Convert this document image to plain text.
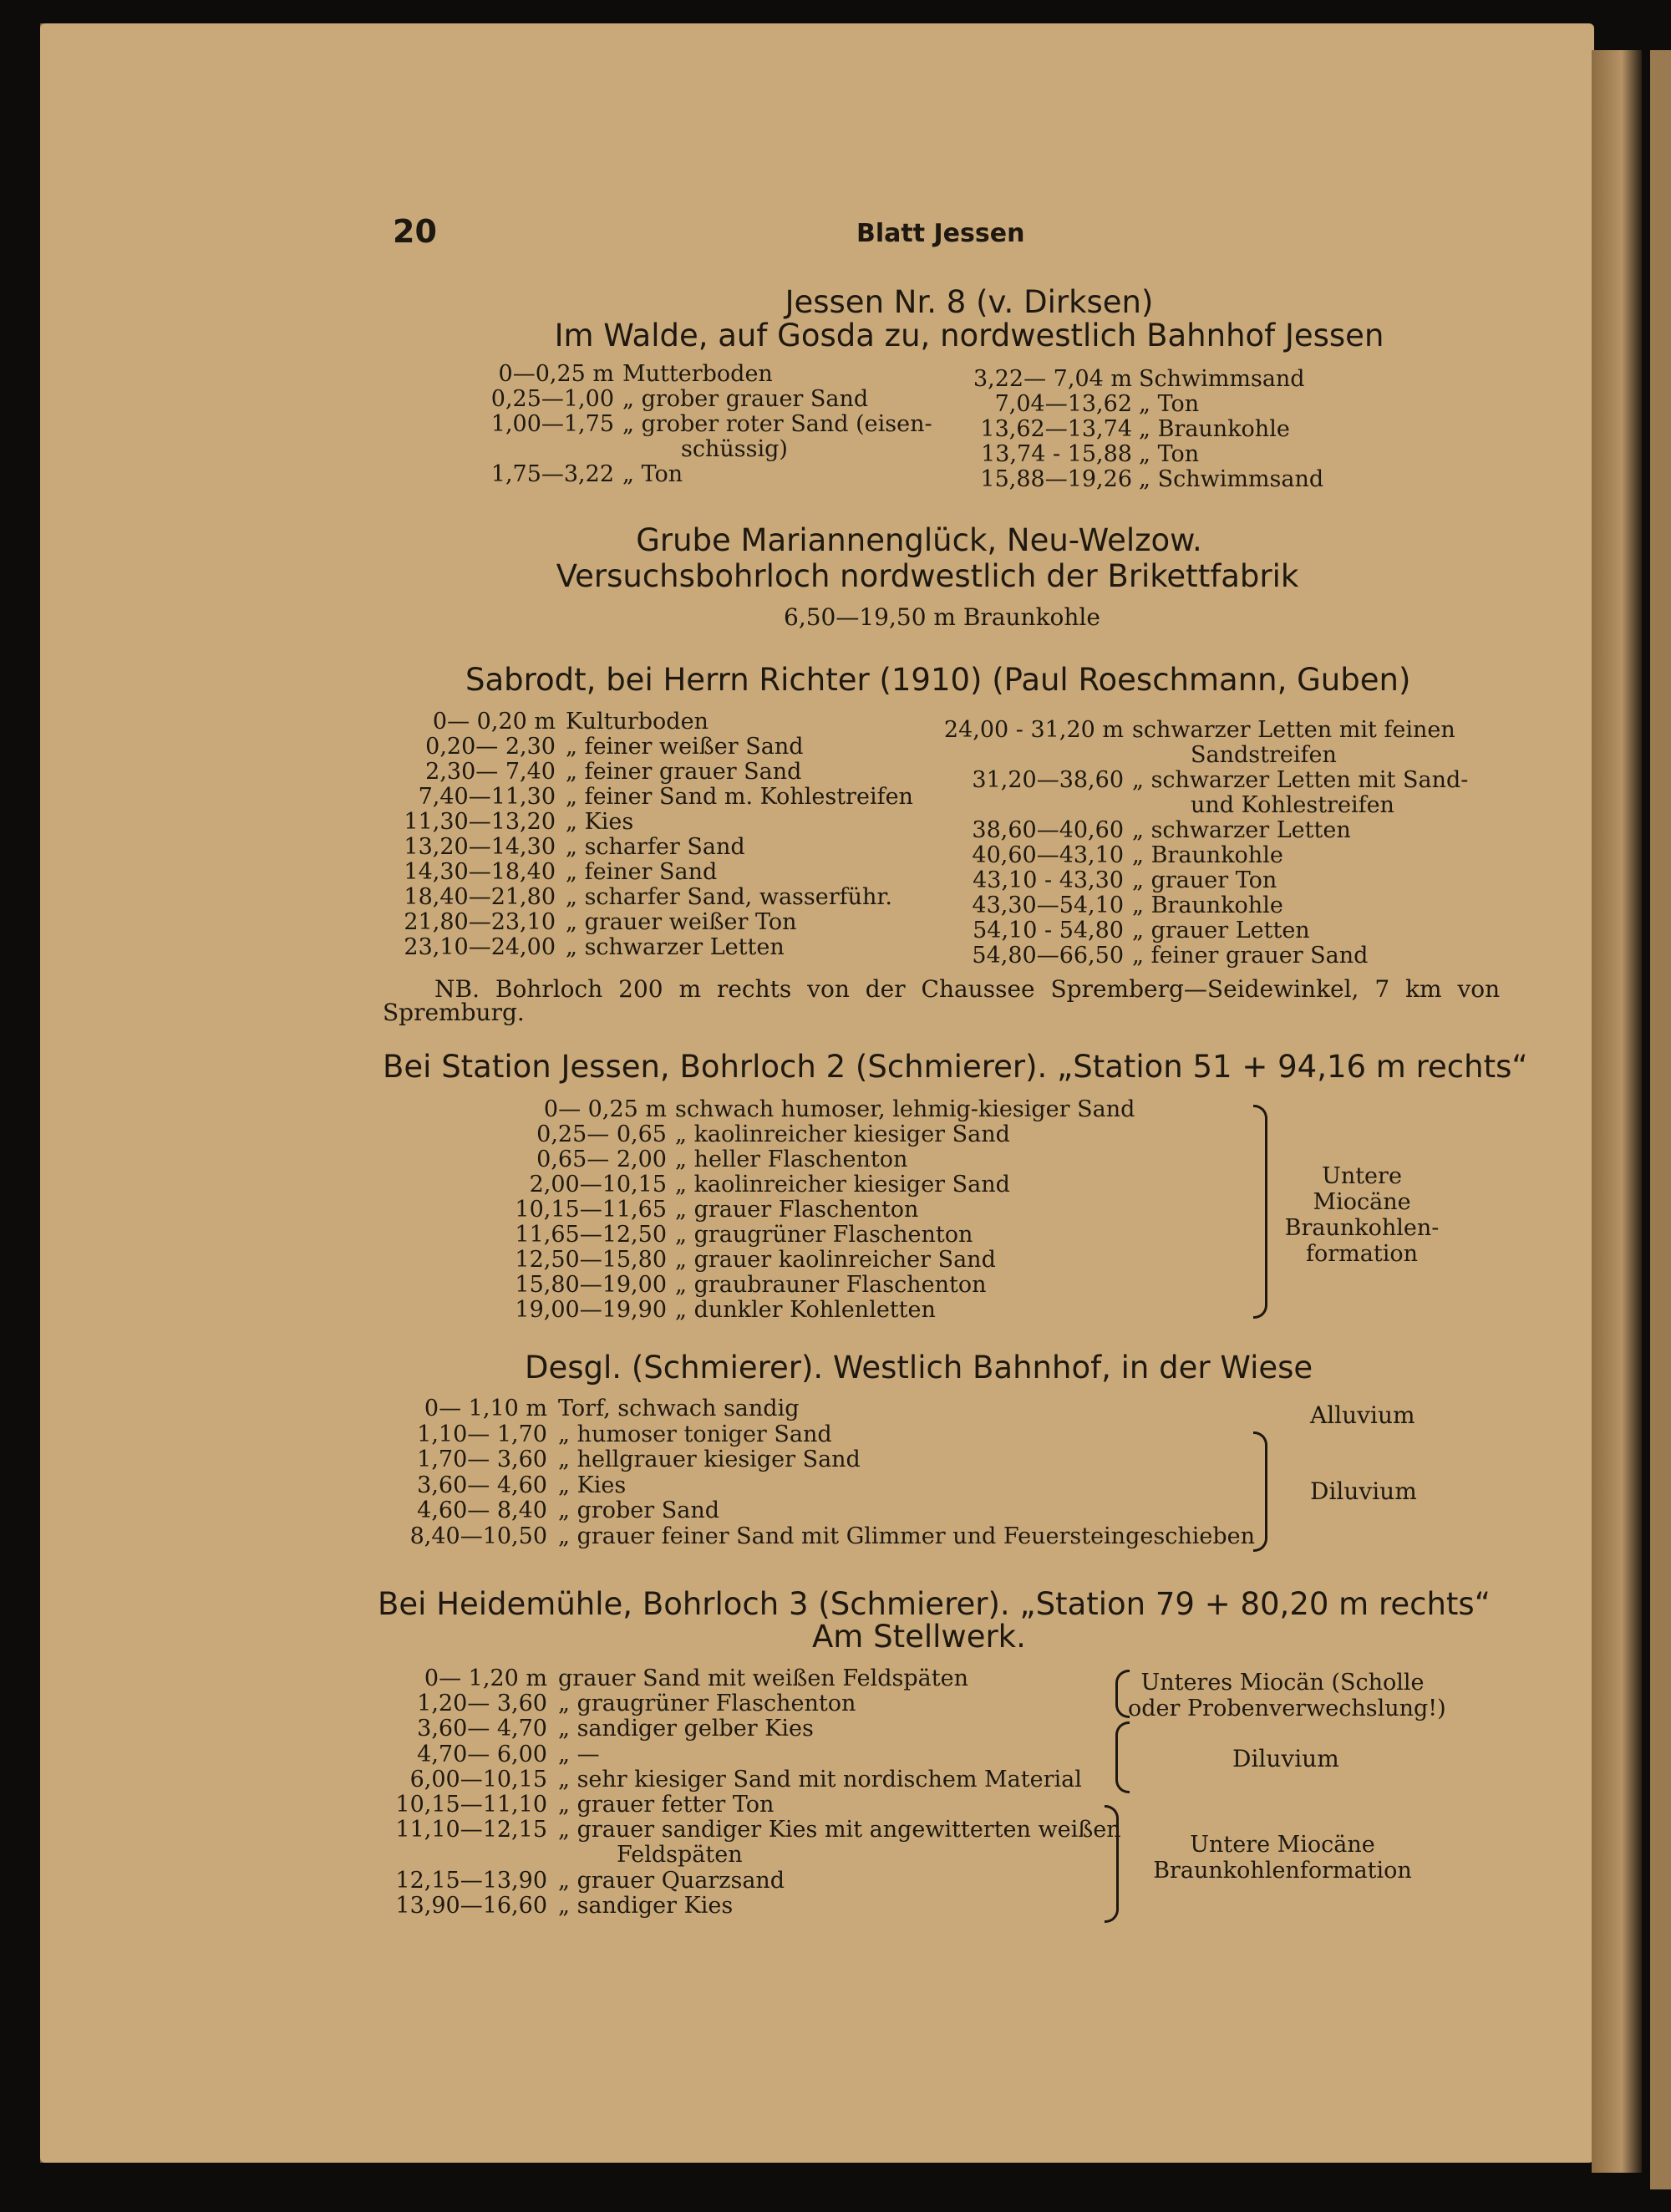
20	Blatt Jessen
Jessen Nr. 8 (v. Dirksen)
Im Walde, auf Gosda zu, nordwestlich Bahnhof Jessen
0—0,25 m Mutterboden
0,25—1,00 „ grober grauer Sand
1,00—1,75 „ grober roter Sand (eisen-
schüssig)
1,75—3,22 „ Ton
3,22— 7,04 m Schwimmsand
7,04—13,62 „ Ton
13,62—13,74 „ Braunkohle
13,74 - 15,88 „ Ton
15,88—19,26 „ Schwimmsand
Grube Mariannenglück, Neu-Welzow.
Versuchsbohrloch nordwestlich der Brikettfabrik
6,50—19,50 m Braunkohle
Sabrodt, bei Herrn Richter (1910) (Paul Roeschmann, Guben)
0— 0,20 m Kulturboden
0,20— 2,30 „ feiner weißer Sand
2,30— 7,40 „ feiner grauer Sand
7,40—11,30 „ feiner Sand m. Kohlestreifen
11,30—13,20 „ Kies
13,20—14,30 „ scharfer Sand
14,30—18,40 „ feiner Sand
18,40—21,80 „ scharfer Sand, wasserführ.
21,80—23,10 „ grauer weißer Ton
23,10—24,00 „ schwarzer Letten
24,00 - 31,20 m schwarzer Letten mit feinen
Sandstreifen
31,20—38,60 „ schwarzer Letten mit Sand-
und Kohlestreifen
38,60—40,60 „ schwarzer Letten
40,60—43,10 „ Braunkohle
43,10 - 43,30 „ grauer Ton
43,30—54,10 „ Braunkohle
54,10 - 54,80 „ grauer Letten
54,80—66,50 „ feiner grauer Sand
NB. Bohrloch 200 m rechts von der Chaussee Spremberg—Seidewinkel, 7 km von
Spremburg.
Bei Station Jessen, Bohrloch 2 (Schmierer). „Station 51 + 94,16 m rechts“
0— 0,25 m schwach humoser, lehmig-kiesiger Sand
0,25— 0,65 „ kaolinreicher kiesiger Sand
0,65— 2,00 „ heller Flaschenton
2,00—10,15 „ kaolinreicher kiesiger Sand
10,15—11,65 „ grauer Flaschenton
11,65—12,50 „ graugrüner Flaschenton
12,50—15,80 „ grauer kaolinreicher Sand
15,80—19,00 „ graubrauner Flaschenton
19,00—19,90 „ dunkler Kohlenletten
Untere
Miocäne
Braunkohlen-
formation
Desgl. (Schmierer). Westlich Bahnhof, in der Wiese
0— 1,10 m Torf, schwach sandig
1,10— 1,70 „ humoser toniger Sand
1,70— 3,60 „ hellgrauer kiesiger Sand
3,60— 4,60 „ Kies
4,60— 8,40 „ grober Sand
8,40—10,50 „ grauer feiner Sand mit Glimmer und Feuersteingeschieben
Alluvium
Diluvium
Bei Heidemühle, Bohrloch 3 (Schmierer). „Station 79 + 80,20 m rechts“
Am Stellwerk.
0— 1,20 m grauer Sand mit weißen Feldspäten
1,20— 3,60 „ graugrüner Flaschenton
3,60— 4,70 „ sandiger gelber Kies
4,70— 6,00 „ —
6,00—10,15 „ sehr kiesiger Sand mit nordischem Material
10,15—11,10 „ grauer fetter Ton
11,10—12,15 „ grauer sandiger Kies mit angewitterten weißen
Feldspäten
12,15—13,90 „ grauer Quarzsand
13,90—16,60 „ sandiger Kies
Unteres Miocän (Scholle
oder Probenverwechslung!)
Diluvium
Untere Miocäne
Braunkohlenformation
